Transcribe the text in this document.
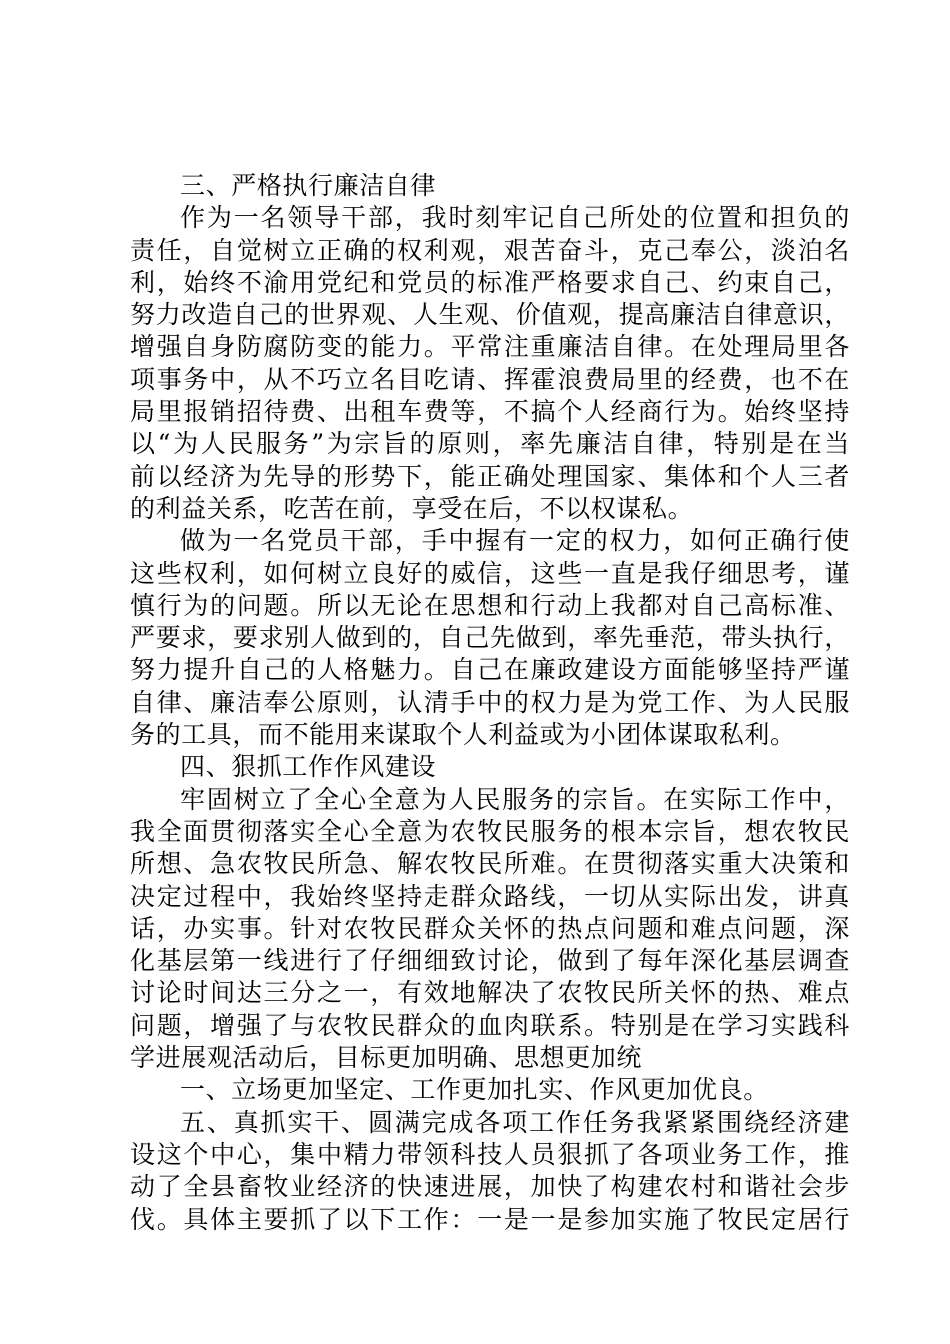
三、严格执行廉洁自律
作为一名领导干部，我时刻牢记自己所处的位置和担负的
责任，自觉树立正确的权利观，艰苦奋斗，克己奉公，淡泊名
利，始终不渝用党纪和党员的标准严格要求自己、约束自己，
努力改造自己的世界观、人生观、价值观，提高廉洁自律意识，
增强自身防腐防变的能力。平常注重廉洁自律。在处理局里各
项事务中，从不巧立名目吃请、挥霍浪费局里的经费，也不在
局里报销招待费、出租车费等，不搞个人经商行为。始终坚持
以“为人民服务”为宗旨的原则，率先廉洁自律，特别是在当
前以经济为先导的形势下，能正确处理国家、集体和个人三者
的利益关系，吃苦在前，享受在后，不以权谋私。
做为一名党员干部，手中握有一定的权力，如何正确行使
这些权利，如何树立良好的威信，这些一直是我仔细思考，谨
慎行为的问题。所以无论在思想和行动上我都对自己高标准、
严要求，要求别人做到的，自己先做到，率先垂范，带头执行，
努力提升自己的人格魅力。自己在廉政建设方面能够坚持严谨
自律、廉洁奉公原则，认清手中的权力是为党工作、为人民服
务的工具，而不能用来谋取个人利益或为小团体谋取私利。
四、狠抓工作作风建设
牢固树立了全心全意为人民服务的宗旨。在实际工作中，
我全面贯彻落实全心全意为农牧民服务的根本宗旨，想农牧民
所想、急农牧民所急、解农牧民所难。在贯彻落实重大决策和
决定过程中，我始终坚持走群众路线，一切从实际出发，讲真
话，办实事。针对农牧民群众关怀的热点问题和难点问题，深
化基层第一线进行了仔细细致讨论，做到了每年深化基层调查
讨论时间达三分之一，有效地解决了农牧民所关怀的热、难点
问题，增强了与农牧民群众的血肉联系。特别是在学习实践科
学进展观活动后，目标更加明确、思想更加统
一、立场更加坚定、工作更加扎实、作风更加优良。
五、真抓实干、圆满完成各项工作任务我紧紧围绕经济建
设这个中心，集中精力带领科技人员狠抓了各项业务工作，推
动了全县畜牧业经济的快速进展，加快了构建农村和谐社会步
伐。具体主要抓了以下工作：一是一是参加实施了牧民定居行
